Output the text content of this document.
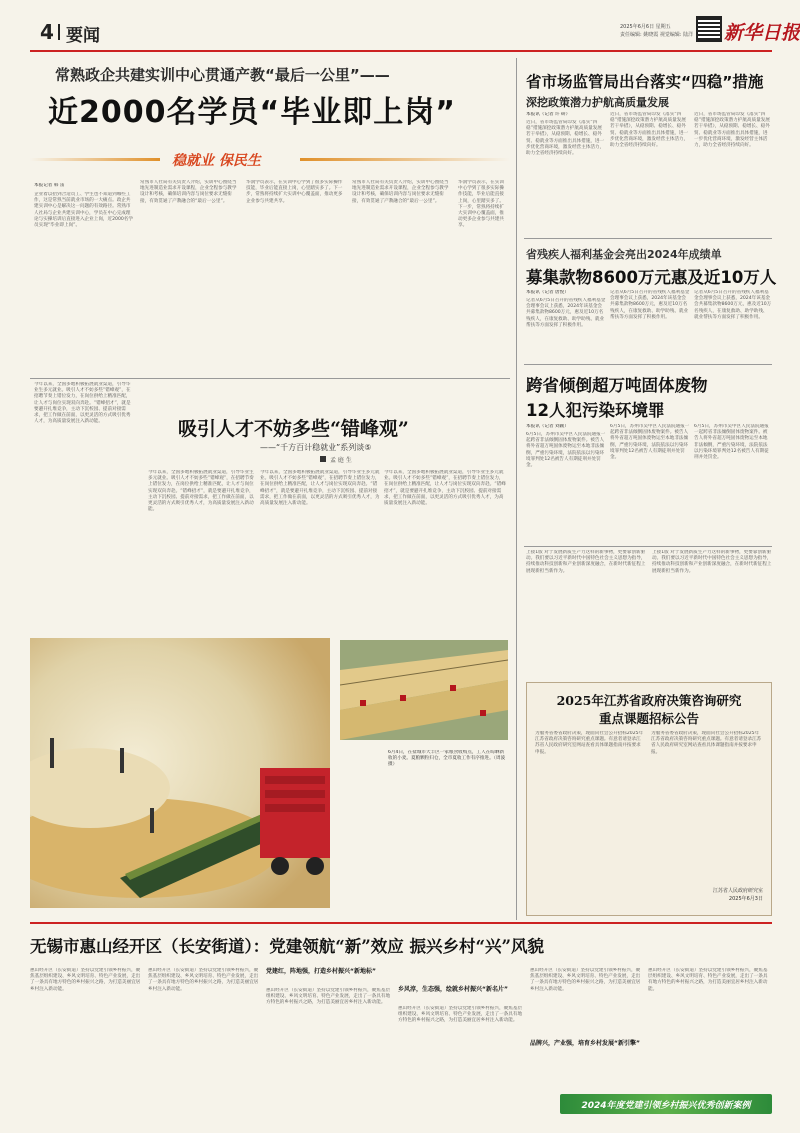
4 要闻	2025年6月6日 星期五
责任编辑: 姚晓霞 视觉编辑: 陆洋 新华日报
常熟政企共建实训中心贯通产教“最后一公里”——
近2000名学员“毕业即上岗”
稳就业 保民生
本报记者 韩 雷
企业着以招到合适员工、学生也不知道到哪些工作，这是常熟当前就业市场的一大痛点。政企共建实训中心是解决这一问题的有效路径。常熟市人社局与企业共建实训中心，学员在中心完成理论与实操培训后直接进入企业上岗，近2000名学员实现“毕业即上岗”。
常熟市人社局有关负责人介绍，实训中心围绕当地先进制造业需求开设课程，企业全程参与教学设计和考核，确保培训内容与岗位要求无缝衔接，有效贯通了产教融合的“最后一公里”。
华润学员表示，在实训中心学到了很多实际操作技能，毕业后能直接上岗，心里踏实多了。下一步，常熟将持续扩大实训中心覆盖面，推动更多企业参与共建共享。
常熟市人社局有关负责人介绍，实训中心围绕当地先进制造业需求开设课程，企业全程参与教学设计和考核，确保培训内容与岗位要求无缝衔接，有效贯通了产教融合的“最后一公里”。
华润学员表示，在实训中心学到了很多实际操作技能，毕业后能直接上岗，心里踏实多了。下一步，常熟将持续扩大实训中心覆盖面，推动更多企业参与共建共享。
今年以来，全国多地积极拓展就业渠道，引导毕业生多元就业。吸引人才不妨多些“错峰观”，在招聘节奏上错位发力，在岗位供给上精准匹配，让人才与岗位实现双向奔赴。“错峰招才”，就是要避开扎堆竞争，主动下沉校园、提前对接需求，把工作做在前面，以更灵活的方式吸引优秀人才，为高质量发展注入新动能。	吸引人才不妨多些“错峰观”
——“千方百计稳就业”系列谈⑤
孟 庭 生
今年以来，全国多地积极拓展就业渠道，引导毕业生多元就业。吸引人才不妨多些“错峰观”，在招聘节奏上错位发力，在岗位供给上精准匹配，让人才与岗位实现双向奔赴。“错峰招才”，就是要避开扎堆竞争，主动下沉校园、提前对接需求，把工作做在前面，以更灵活的方式吸引优秀人才，为高质量发展注入新动能。
今年以来，全国多地积极拓展就业渠道，引导毕业生多元就业。吸引人才不妨多些“错峰观”，在招聘节奏上错位发力，在岗位供给上精准匹配，让人才与岗位实现双向奔赴。“错峰招才”，就是要避开扎堆竞争，主动下沉校园、提前对接需求，把工作做在前面，以更灵活的方式吸引优秀人才，为高质量发展注入新动能。
今年以来，全国多地积极拓展就业渠道，引导毕业生多元就业。吸引人才不妨多些“错峰观”，在招聘节奏上错位发力，在岗位供给上精准匹配，让人才与岗位实现双向奔赴。“错峰招才”，就是要避开扎堆竞争，主动下沉校园、提前对接需求，把工作做在前面，以更灵活的方式吸引优秀人才，为高质量发展注入新动能。
6月4日，在盐城市大丰区一家粮食收购点，工人在晾晒新收的小麦。夏粮颗粒归仓，全市夏收工作有序推进。（周波 摄）
省市场监管局出台落实“四稳”措施
深挖政策潜力护航高质量发展
本报讯（记者 许 研）
近日，省市场监管局印发《落实“四稳”措施深挖政策潜力护航高质量发展若干举措》，从稳预期、稳增长、稳外贸、稳就业等方面推出具体措施，进一步优化营商环境，激发经营主体活力，助力全省经济持续向好。
近日，省市场监管局印发《落实“四稳”措施深挖政策潜力护航高质量发展若干举措》，从稳预期、稳增长、稳外贸、稳就业等方面推出具体措施，进一步优化营商环境，激发经营主体活力，助力全省经济持续向好。
近日，省市场监管局印发《落实“四稳”措施深挖政策潜力护航高质量发展若干举措》，从稳预期、稳增长、稳外贸、稳就业等方面推出具体措施，进一步优化营商环境，激发经营主体活力，助力全省经济持续向好。
省残疾人福利基金会亮出2024年成绩单
募集款物8600万元惠及近10万人
本报讯（记者 唐悦）
记者从6月5日召开的省残疾人福利基金会理事会议上获悉，2024年该基金会共募集款物8600万元，惠及近10万名残疾人，在康复救助、助学助残、就业帮扶等方面发挥了积极作用。
记者从6月5日召开的省残疾人福利基金会理事会议上获悉，2024年该基金会共募集款物8600万元，惠及近10万名残疾人，在康复救助、助学助残、就业帮扶等方面发挥了积极作用。
记者从6月5日召开的省残疾人福利基金会理事会议上获悉，2024年该基金会共募集款物8600万元，惠及近10万名残疾人，在康复救助、助学助残、就业帮扶等方面发挥了积极作用。
跨省倾倒超万吨固体废物
12人犯污染环境罪
本报讯（记者 刘颖）
6月5日，苏州市吴中区人民法院通报一起跨省非法倾倒固体废物案件。被告人将外省超万吨固体废物运至本地非法倾倒，严重污染环境，法院依法以污染环境罪判处12名被告人有期徒刑并处罚金。
6月5日，苏州市吴中区人民法院通报一起跨省非法倾倒固体废物案件。被告人将外省超万吨固体废物运至本地非法倾倒，严重污染环境，法院依法以污染环境罪判处12名被告人有期徒刑并处罚金。
6月5日，苏州市吴中区人民法院通报一起跨省非法倾倒固体废物案件。被告人将外省超万吨固体废物运至本地非法倾倒，严重污染环境，法院依法以污染环境罪判处12名被告人有期徒刑并处罚金。
上接1版 对于发展新质生产力这样的新事物，更要靠创新驱动。我们要以习近平新时代中国特色社会主义思想为指导，持续推动科技创新和产业创新深度融合，在新时代新征程上展现新担当新作为。
上接1版 对于发展新质生产力这样的新事物，更要靠创新驱动。我们要以习近平新时代中国特色社会主义思想为指导，持续推动科技创新和产业创新深度融合，在新时代新征程上展现新担当新作为。
2025年江苏省政府决策咨询研究
重点课题招标公告
为服务省委省政府决策，现面向社会公开招标2025年江苏省政府决策咨询研究重点课题。有意者请登录江苏省人民政府研究室网站查看具体课题指南并按要求申报。
为服务省委省政府决策，现面向社会公开招标2025年江苏省政府决策咨询研究重点课题。有意者请登录江苏省人民政府研究室网站查看具体课题指南并按要求申报。
江苏省人民政府研究室
2025年6月3日
无锡市惠山经开区（长安街道）：党建领航“新”效应 振兴乡村“兴”风貌
惠山经开区（长安街道）坚持以党建引领乡村振兴，聚焦基层组织建设、乡风文明培育、特色产业发展，走出了一条具有地方特色的乡村振兴之路，为打造美丽宜居乡村注入新动能。
惠山经开区（长安街道）坚持以党建引领乡村振兴，聚焦基层组织建设、乡风文明培育、特色产业发展，走出了一条具有地方特色的乡村振兴之路，为打造美丽宜居乡村注入新动能。
党建红，阵地强，打造乡村振兴“新地标”
惠山经开区（长安街道）坚持以党建引领乡村振兴，聚焦基层组织建设、乡风文明培育、特色产业发展，走出了一条具有地方特色的乡村振兴之路，为打造美丽宜居乡村注入新动能。
乡风淳，生态强，绘就乡村振兴“新名片”
惠山经开区（长安街道）坚持以党建引领乡村振兴，聚焦基层组织建设、乡风文明培育、特色产业发展，走出了一条具有地方特色的乡村振兴之路，为打造美丽宜居乡村注入新动能。
惠山经开区（长安街道）坚持以党建引领乡村振兴，聚焦基层组织建设、乡风文明培育、特色产业发展，走出了一条具有地方特色的乡村振兴之路，为打造美丽宜居乡村注入新动能。
品牌兴，产业强，培育乡村发展“新引擎”
惠山经开区（长安街道）坚持以党建引领乡村振兴，聚焦基层组织建设、乡风文明培育、特色产业发展，走出了一条具有地方特色的乡村振兴之路，为打造美丽宜居乡村注入新动能。
2024年度党建引领乡村振兴优秀创新案例
